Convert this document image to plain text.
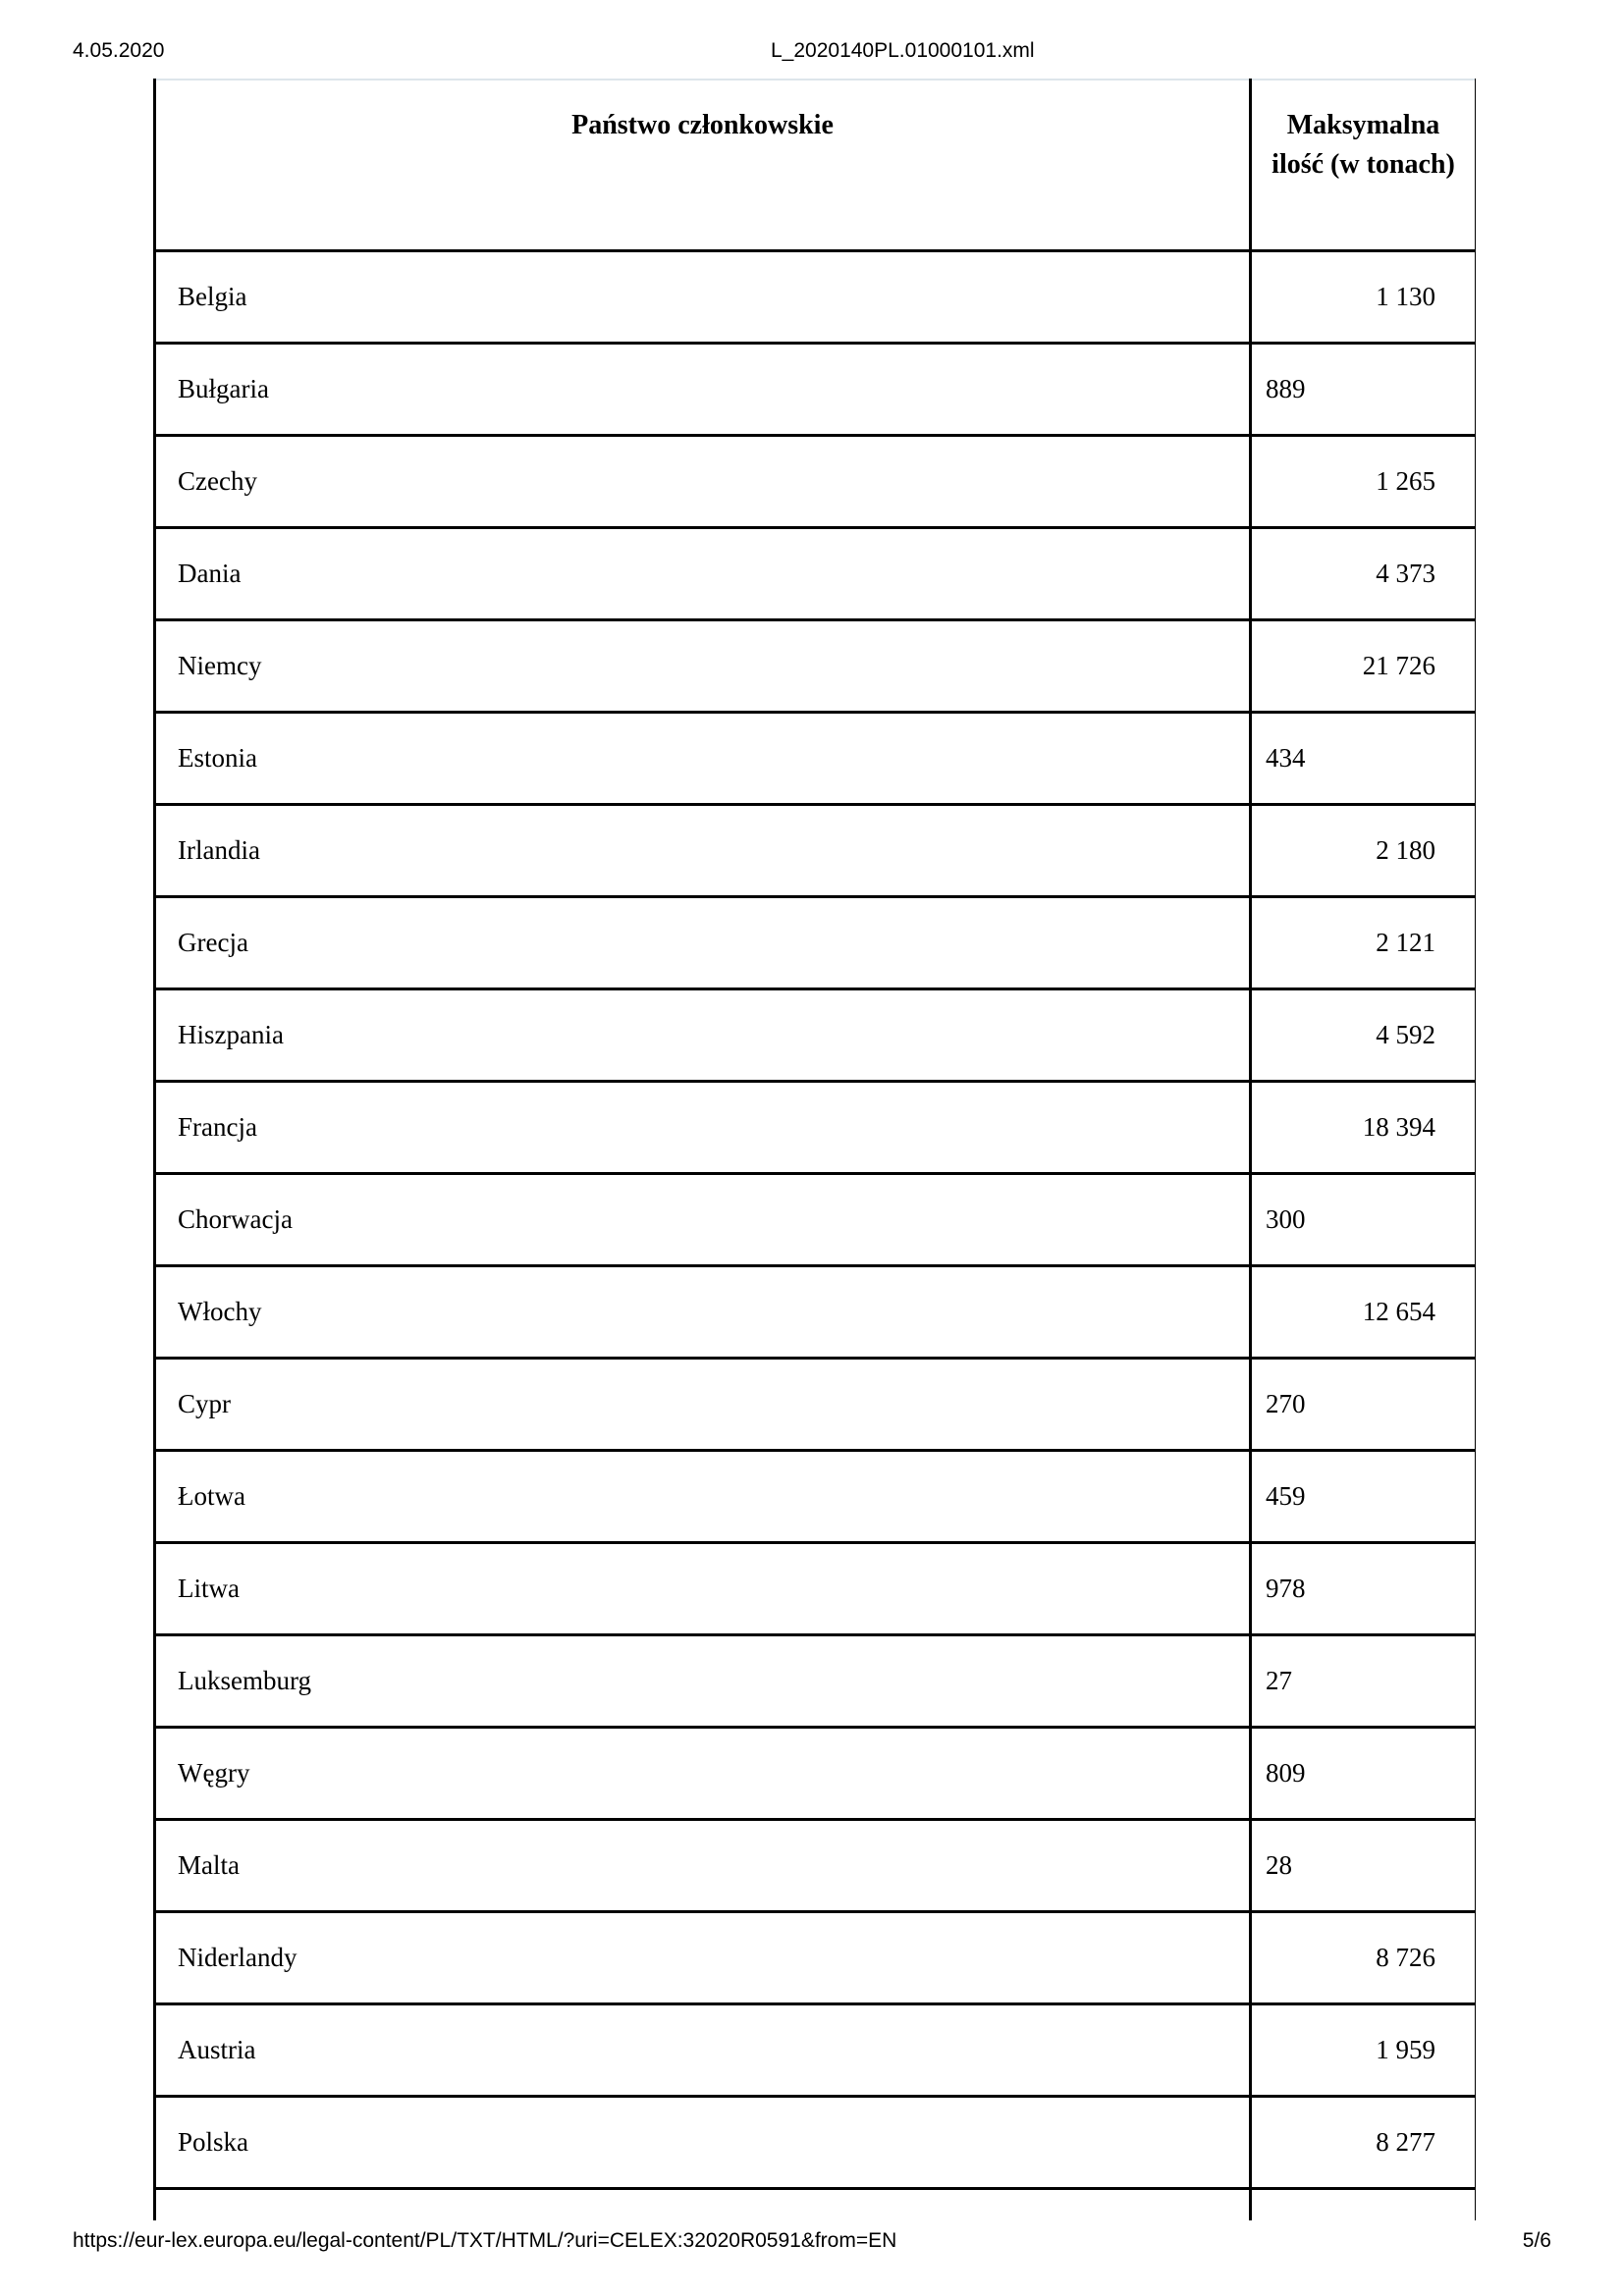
4.05.2020	L_2020140PL.01000101.xml
Państwo członkowskie	Maksymalna ilość (w tonach)
Belgia	1 130
Bułgaria	889
Czechy	1 265
Dania	4 373
Niemcy	21 726
Estonia	434
Irlandia	2 180
Grecja	2 121
Hiszpania	4 592
Francja	18 394
Chorwacja	300
Włochy	12 654
Cypr	270
Łotwa	459
Litwa	978
Luksemburg	27
Węgry	809
Malta	28
Niderlandy	8 726
Austria	1 959
Polska	8 277

https://eur-lex.europa.eu/legal-content/PL/TXT/HTML/?uri=CELEX:32020R0591&from=EN	5/6
